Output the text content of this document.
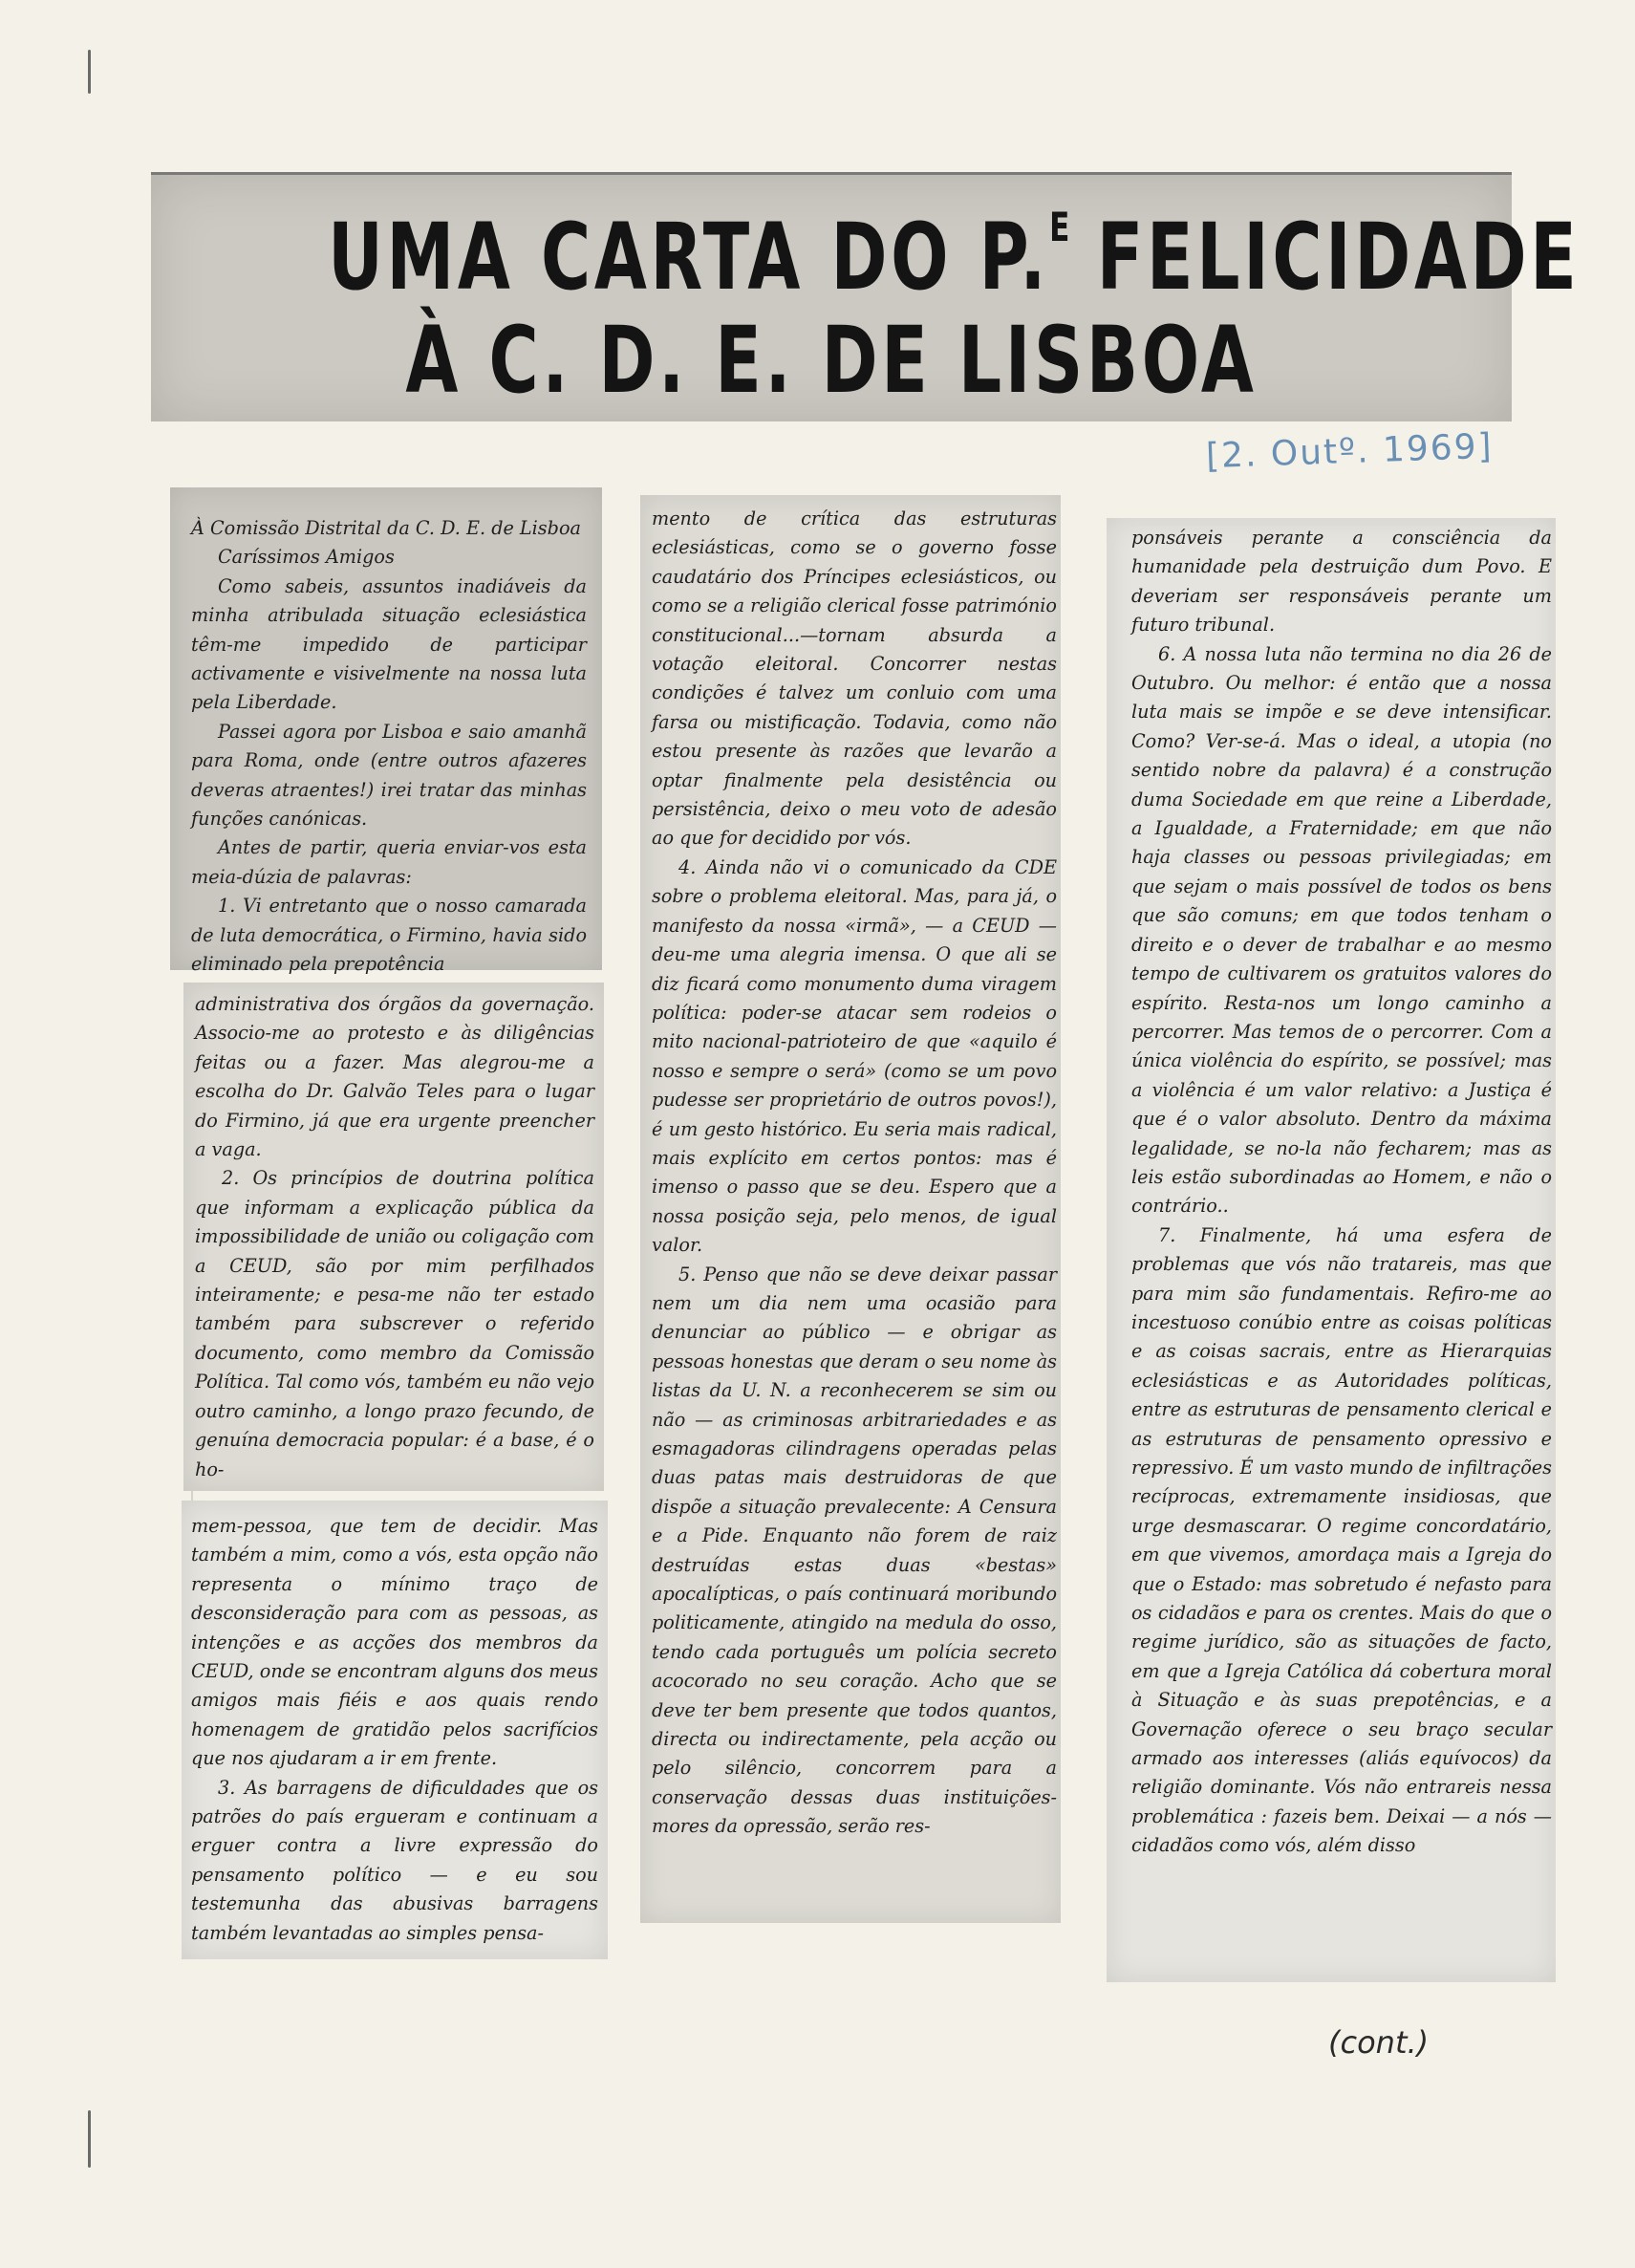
UMA CARTA DO P.$^E$ FELICIDADE
À C. D. E. DE LISBOA
[2. Outº. 1969]

À Comissão Distrital da C. D. E. de Lisboa

Caríssimos Amigos

Como sabeis, assuntos inadiáveis da minha atribulada situação eclesiástica têm-me impedido de participar activamente e visivelmente na nossa luta pela Liberdade.

Passei agora por Lisboa e saio amanhã para Roma, onde (entre outros afazeres deveras atraentes!) irei tratar das minhas funções canónicas.

Antes de partir, queria enviar-vos esta meia-dúzia de palavras:

1. Vi entretanto que o nosso camarada de luta democrática, o Firmino, havia sido eliminado pela prepotência

administrativa dos órgãos da governação. Associo-me ao protesto e às diligências feitas ou a fazer. Mas alegrou-me a escolha do Dr. Galvão Teles para o lugar do Firmino, já que era urgente preencher a vaga.

2. Os princípios de doutrina política que informam a explicação pública da impossibilidade de união ou coligação com a CEUD, são por mim perfilhados inteiramente; e pesa-me não ter estado também para subscrever o referido documento, como membro da Comissão Política. Tal como vós, também eu não vejo outro caminho, a longo prazo fecundo, de genuína democracia popular: é a base, é o ho-

mem-pessoa, que tem de decidir. Mas também a mim, como a vós, esta opção não representa o mínimo traço de desconsideração para com as pessoas, as intenções e as acções dos membros da CEUD, onde se encontram alguns dos meus amigos mais fiéis e aos quais rendo homenagem de gratidão pelos sacrifícios que nos ajudaram a ir em frente.

3. As barragens de dificuldades que os patrões do país ergueram e continuam a erguer contra a livre expressão do pensamento político — e eu sou testemunha das abusivas barragens também levantadas ao simples pensa-

mento de crítica das estruturas eclesiásticas, como se o governo fosse caudatário dos Príncipes eclesiásticos, ou como se a religião clerical fosse património constitucional...—tornam absurda a votação eleitoral. Concorrer nestas condições é talvez um conluio com uma farsa ou mistificação. Todavia, como não estou presente às razões que levarão a optar finalmente pela desistência ou persistência, deixo o meu voto de adesão ao que for decidido por vós.

4. Ainda não vi o comunicado da CDE sobre o problema eleitoral. Mas, para já, o manifesto da nossa «irmã», — a CEUD — deu-me uma alegria imensa. O que ali se diz ficará como monumento duma viragem política: poder-se atacar sem rodeios o mito nacional-patrioteiro de que «aquilo é nosso e sempre o será» (como se um povo pudesse ser proprietário de outros povos!), é um gesto histórico. Eu seria mais radical, mais explícito em certos pontos: mas é imenso o passo que se deu. Espero que a nossa posição seja, pelo menos, de igual valor.

5. Penso que não se deve deixar passar nem um dia nem uma ocasião para denunciar ao público — e obrigar as pessoas honestas que deram o seu nome às listas da U. N. a reconhecerem se sim ou não — as criminosas arbitrariedades e as esmagadoras cilindragens operadas pelas duas patas mais destruidoras de que dispõe a situação prevalecente: A Censura e a Pide. Enquanto não forem de raiz destruídas estas duas «bestas» apocalípticas, o país continuará moribundo politicamente, atingido na medula do osso, tendo cada português um polícia secreto acocorado no seu coração. Acho que se deve ter bem presente que todos quantos, directa ou indirectamente, pela acção ou pelo silêncio, concorrem para a conservação dessas duas instituições-mores da opressão, serão res-

ponsáveis perante a consciência da humanidade pela destruição dum Povo. E deveriam ser responsáveis perante um futuro tribunal.

6. A nossa luta não termina no dia 26 de Outubro. Ou melhor: é então que a nossa luta mais se impõe e se deve intensificar. Como? Ver-se-á. Mas o ideal, a utopia (no sentido nobre da palavra) é a construção duma Sociedade em que reine a Liberdade, a Igualdade, a Fraternidade; em que não haja classes ou pessoas privilegiadas; em que sejam o mais possível de todos os bens que são comuns; em que todos tenham o direito e o dever de trabalhar e ao mesmo tempo de cultivarem os gratuitos valores do espírito. Resta-nos um longo caminho a percorrer. Mas temos de o percorrer. Com a única violência do espírito, se possível; mas a violência é um valor relativo: a Justiça é que é o valor absoluto. Dentro da máxima legalidade, se no-la não fecharem; mas as leis estão subordinadas ao Homem, e não o contrário..

7. Finalmente, há uma esfera de problemas que vós não tratareis, mas que para mim são fundamentais. Refiro-me ao incestuoso conúbio entre as coisas políticas e as coisas sacrais, entre as Hierarquias eclesiásticas e as Autoridades políticas, entre as estruturas de pensamento clerical e as estruturas de pensamento opressivo e repressivo. É um vasto mundo de infiltrações recíprocas, extremamente insidiosas, que urge desmascarar. O regime concordatário, em que vivemos, amordaça mais a Igreja do que o Estado: mas sobretudo é nefasto para os cidadãos e para os crentes. Mais do que o regime jurídico, são as situações de facto, em que a Igreja Católica dá cobertura moral à Situação e às suas prepotências, e a Governação oferece o seu braço secular armado aos interesses (aliás equívocos) da religião dominante. Vós não entrareis nessa problemática : fazeis bem. Deixai — a nós — cidadãos como vós, além disso

(cont.)
